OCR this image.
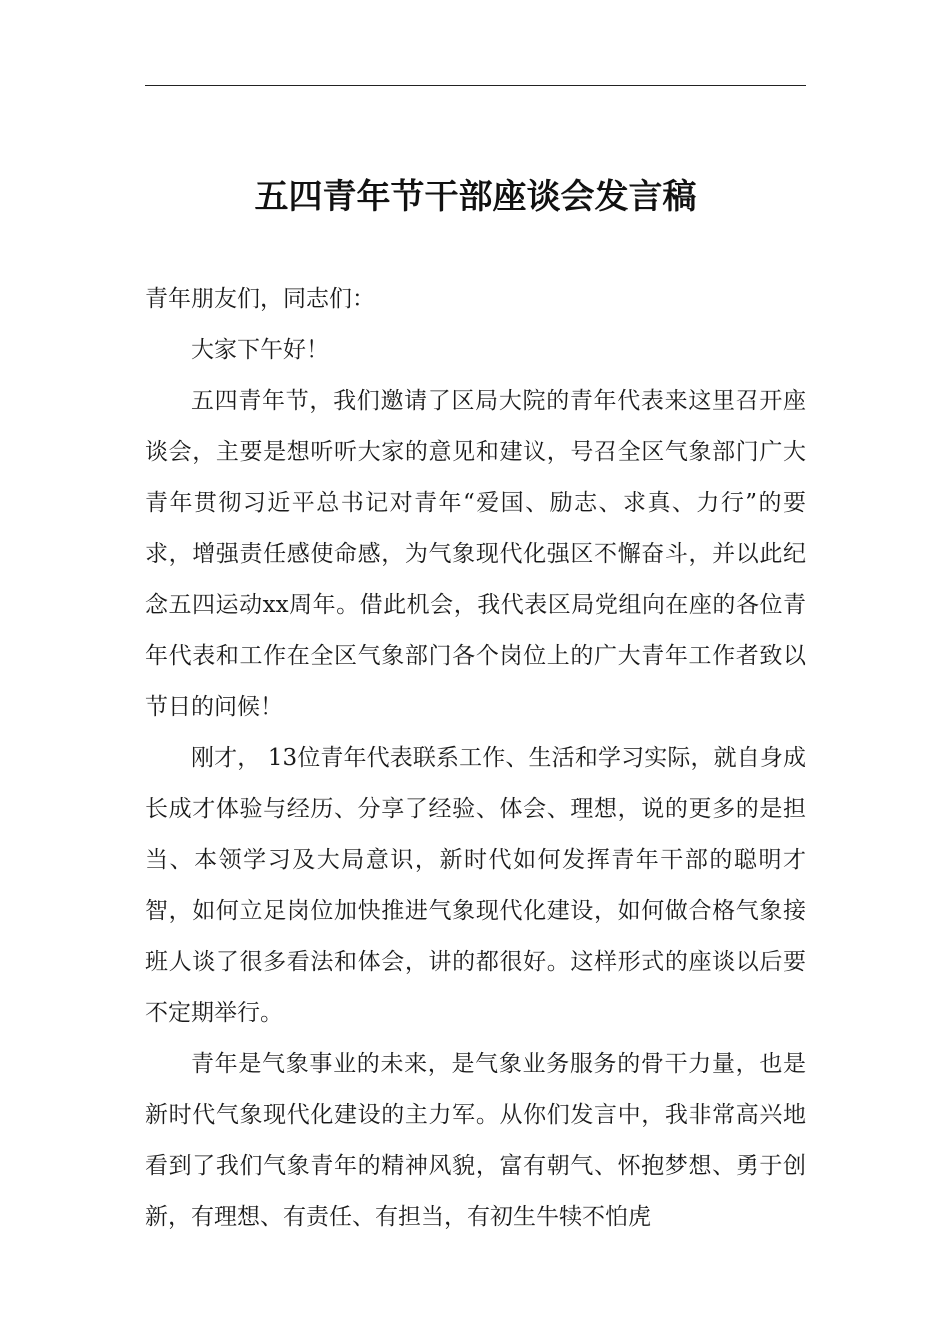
五四青年节干部座谈会发言稿

青年朋友们，同志们：

大家下午好！

五四青年节，我们邀请了区局大院的青年代表来这里召开座谈会，主要是想听听大家的意见和建议，号召全区气象部门广大青年贯彻习近平总书记对青年“爱国、励志、求真、力行”的要求，增强责任感使命感，为气象现代化强区不懈奋斗，并以此纪念五四运动xx周年。借此机会，我代表区局党组向在座的各位青年代表和工作在全区气象部门各个岗位上的广大青年工作者致以节日的问候！

刚才， 13位青年代表联系工作、生活和学习实际，就自身成长成才体验与经历、分享了经验、体会、理想，说的更多的是担当、本领学习及大局意识，新时代如何发挥青年干部的聪明才智，如何立足岗位加快推进气象现代化建设，如何做合格气象接班人谈了很多看法和体会，讲的都很好。这样形式的座谈以后要不定期举行。

青年是气象事业的未来，是气象业务服务的骨干力量，也是新时代气象现代化建设的主力军。从你们发言中，我非常高兴地看到了我们气象青年的精神风貌，富有朝气、怀抱梦想、勇于创新，有理想、有责任、有担当，有初生牛犊不怕虎
